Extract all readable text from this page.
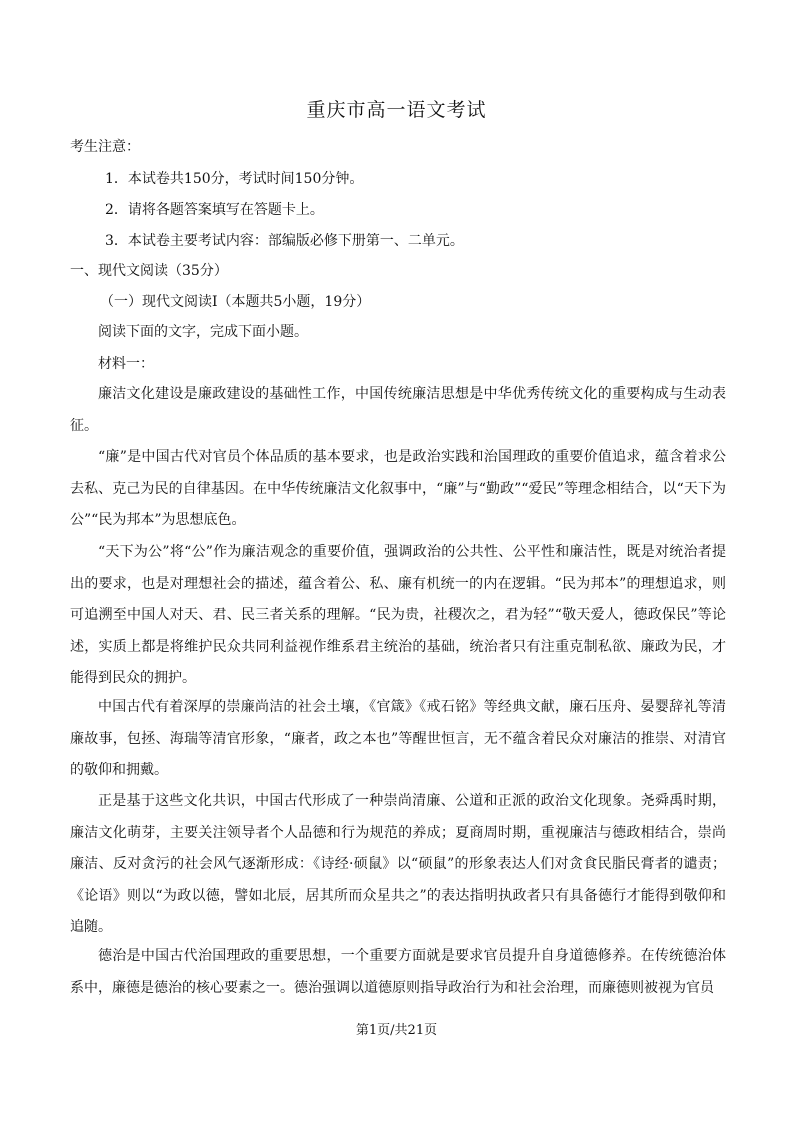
重庆市高一语文考试
考生注意：
1．本试卷共150分，考试时间150分钟。
2．请将各题答案填写在答题卡上。
3．本试卷主要考试内容：部编版必修下册第一、二单元。
一、现代文阅读（35分）
（一）现代文阅读Ⅰ（本题共5小题，19分）
阅读下面的文字，完成下面小题。
材料一：
廉洁文化建设是廉政建设的基础性工作，中国传统廉洁思想是中华优秀传统文化的重要构成与生动表征。
“廉”是中国古代对官员个体品质的基本要求，也是政治实践和治国理政的重要价值追求，蕴含着求公去私、克己为民的自律基因。在中华传统廉洁文化叙事中，“廉”与“勤政”“爱民”等理念相结合，以“天下为公”“民为邦本”为思想底色。
“天下为公”将“公”作为廉洁观念的重要价值，强调政治的公共性、公平性和廉洁性，既是对统治者提出的要求，也是对理想社会的描述，蕴含着公、私、廉有机统一的内在逻辑。“民为邦本”的理想追求，则可追溯至中国人对天、君、民三者关系的理解。“民为贵，社稷次之，君为轻”“敬天爱人，德政保民”等论述，实质上都是将维护民众共同利益视作维系君主统治的基础，统治者只有注重克制私欲、廉政为民，才能得到民众的拥护。
中国古代有着深厚的崇廉尚洁的社会土壤，《官箴》《戒石铭》等经典文献，廉石压舟、晏婴辞礼等清廉故事，包拯、海瑞等清官形象，“廉者，政之本也”等醒世恒言，无不蕴含着民众对廉洁的推崇、对清官的敬仰和拥戴。
正是基于这些文化共识，中国古代形成了一种崇尚清廉、公道和正派的政治文化现象。尧舜禹时期，廉洁文化萌芽，主要关注领导者个人品德和行为规范的养成；夏商周时期，重视廉洁与德政相结合，崇尚廉洁、反对贪污的社会风气逐渐形成：《诗经·硕鼠》以“硕鼠”的形象表达人们对贪食民脂民膏者的谴责；《论语》则以“为政以德，譬如北辰，居其所而众星共之”的表达指明执政者只有具备德行才能得到敬仰和追随。
德治是中国古代治国理政的重要思想，一个重要方面就是要求官员提升自身道德修养。在传统德治体系中，廉德是德治的核心要素之一。德治强调以道德原则指导政治行为和社会治理，而廉德则被视为官员
第1页/共21页
